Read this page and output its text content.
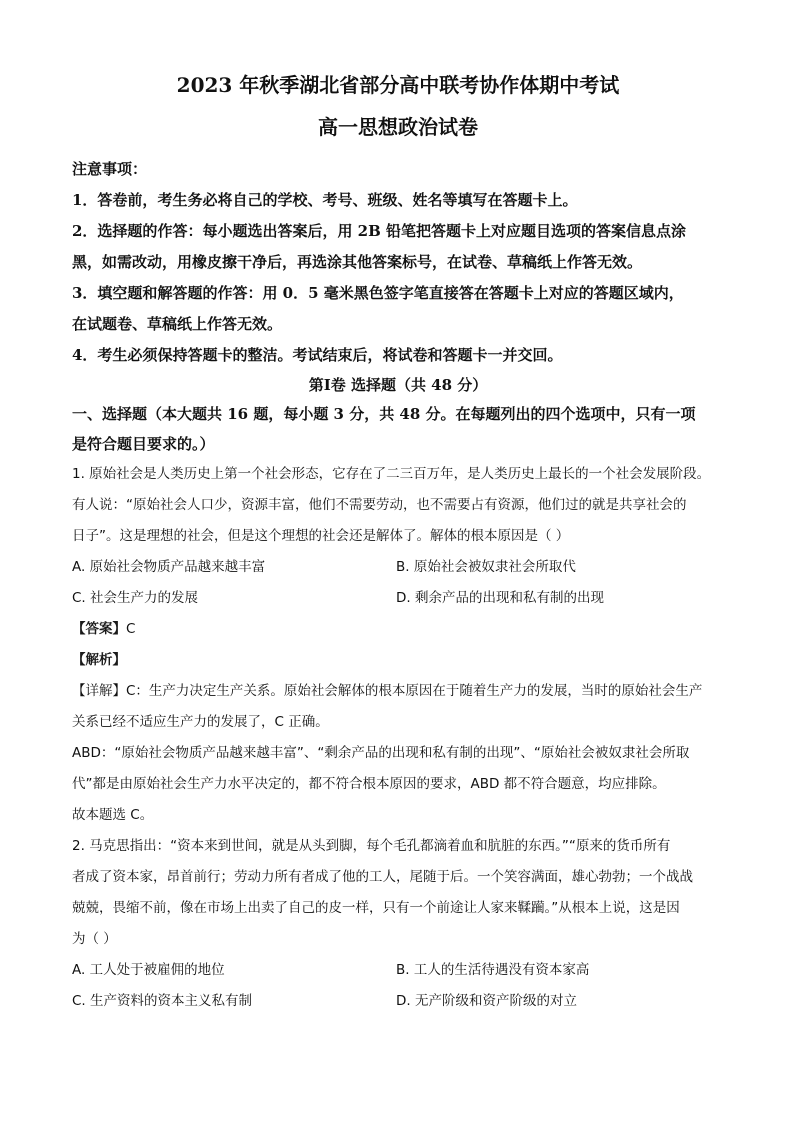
2023 年秋季湖北省部分高中联考协作体期中考试
高一思想政治试卷

注意事项：

1．答卷前，考生务必将自己的学校、考号、班级、姓名等填写在答题卡上。

2．选择题的作答：每小题选出答案后，用 2B 铅笔把答题卡上对应题目选项的答案信息点涂

黑，如需改动，用橡皮擦干净后，再选涂其他答案标号，在试卷、草稿纸上作答无效。

3．填空题和解答题的作答：用 0．5 毫米黑色签字笔直接答在答题卡上对应的答题区域内，

在试题卷、草稿纸上作答无效。

4．考生必须保持答题卡的整洁。考试结束后，将试卷和答题卡一并交回。

第Ⅰ卷 选择题（共 48 分）

一、选择题（本大题共 16 题，每小题 3 分，共 48 分。在每题列出的四个选项中，只有一项

是符合题目要求的。）

1. 原始社会是人类历史上第一个社会形态，它存在了二三百万年，是人类历史上最长的一个社会发展阶段。

有人说：“原始社会人口少，资源丰富，他们不需要劳动，也不需要占有资源，他们过的就是共享社会的

日子”。这是理想的社会，但是这个理想的社会还是解体了。解体的根本原因是（ ）

A. 原始社会物质产品越来越丰富	B. 原始社会被奴隶社会所取代
C. 社会生产力的发展	D. 剩余产品的出现和私有制的出现

【答案】C

【解析】

【详解】C：生产力决定生产关系。原始社会解体的根本原因在于随着生产力的发展，当时的原始社会生产

关系已经不适应生产力的发展了，C 正确。

ABD：“原始社会物质产品越来越丰富”、“剩余产品的出现和私有制的出现”、“原始社会被奴隶社会所取

代”都是由原始社会生产力水平决定的，都不符合根本原因的要求，ABD 都不符合题意，均应排除。

故本题选 C。

2. 马克思指出：“资本来到世间，就是从头到脚，每个毛孔都滴着血和肮脏的东西。”“原来的货币所有

者成了资本家，昂首前行；劳动力所有者成了他的工人，尾随于后。一个笑容满面，雄心勃勃；一个战战

兢兢，畏缩不前，像在市场上出卖了自己的皮一样，只有一个前途让人家来鞣躏。”从根本上说，这是因

为（ ）

A. 工人处于被雇佣的地位	B. 工人的生活待遇没有资本家高
C. 生产资料的资本主义私有制	D. 无产阶级和资产阶级的对立
